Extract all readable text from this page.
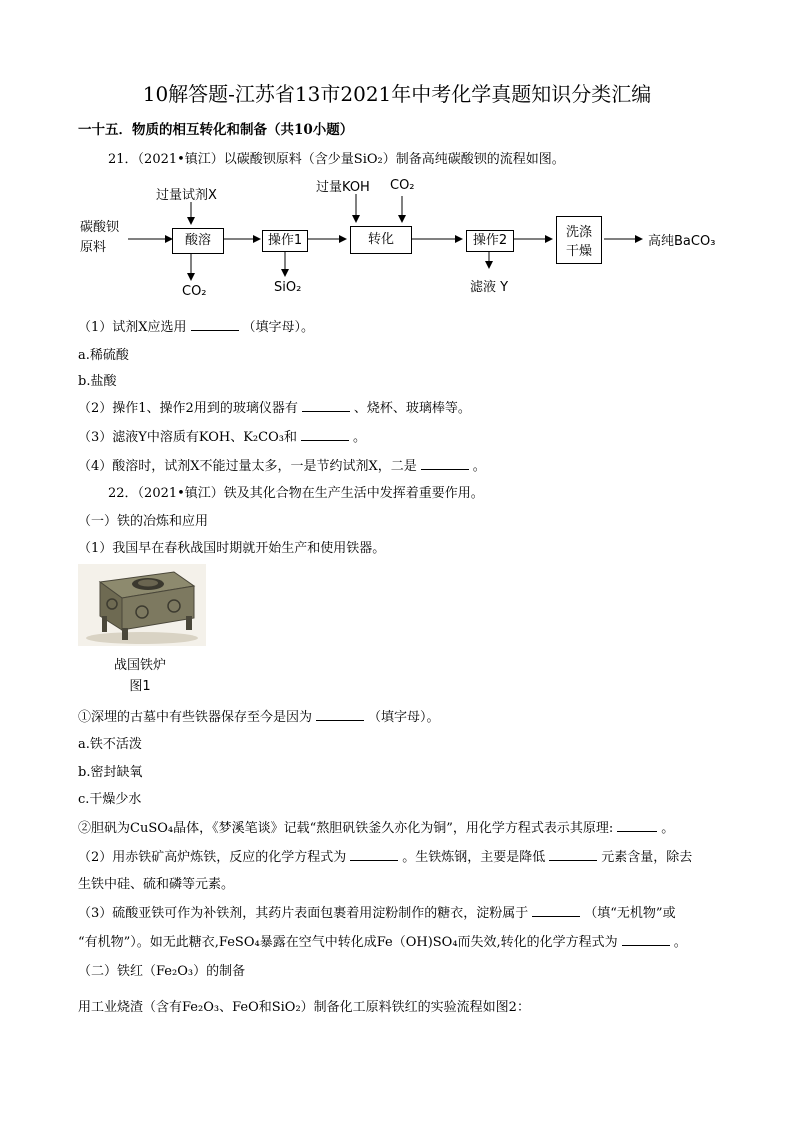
10解答题-江苏省13市2021年中考化学真题知识分类汇编
一十五．物质的相互转化和制备（共10小题）
21．（2021•镇江）以碳酸钡原料（含少量SiO₂）制备高纯碳酸钡的流程如图。
碳酸钡
原料
过量试剂X
酸溶
CO₂
操作1
SiO₂
过量KOH CO₂
转化	操作2
滤液 Y
洗涤
干燥
高纯BaCO₃
（1）试剂X应选用	（填字母）。
a.稀硫酸
b.盐酸
（2）操作1、操作2用到的玻璃仪器有	、烧杯、玻璃棒等。
（3）滤液Y中溶质有KOH、K₂CO₃和	。
（4）酸溶时，试剂X不能过量太多，一是节约试剂X，二是	。
22．（2021•镇江）铁及其化合物在生产生活中发挥着重要作用。
（一）铁的冶炼和应用
（1）我国早在春秋战国时期就开始生产和使用铁器。
战国铁炉
图1
①深埋的古墓中有些铁器保存至今是因为	（填字母）。
a.铁不活泼
b.密封缺氧
c.干燥少水
②胆矾为CuSO₄晶体，《梦溪笔谈》记载“熬胆矾铁釜久亦化为铜”，用化学方程式表示其原理:	。
（2）用赤铁矿高炉炼铁，反应的化学方程式为	。生铁炼钢，主要是降低	元素含量，除去
生铁中硅、硫和磷等元素。
（3）硫酸亚铁可作为补铁剂，其药片表面包裹着用淀粉制作的糖衣，淀粉属于	（填“无机物”或
“有机物”）。如无此糖衣,FeSO₄暴露在空气中转化成Fe（OH)SO₄而失效,转化的化学方程式为	。
（二）铁红（Fe₂O₃）的制备
用工业烧渣（含有Fe₂O₃、FeO和SiO₂）制备化工原料铁红的实验流程如图2：
